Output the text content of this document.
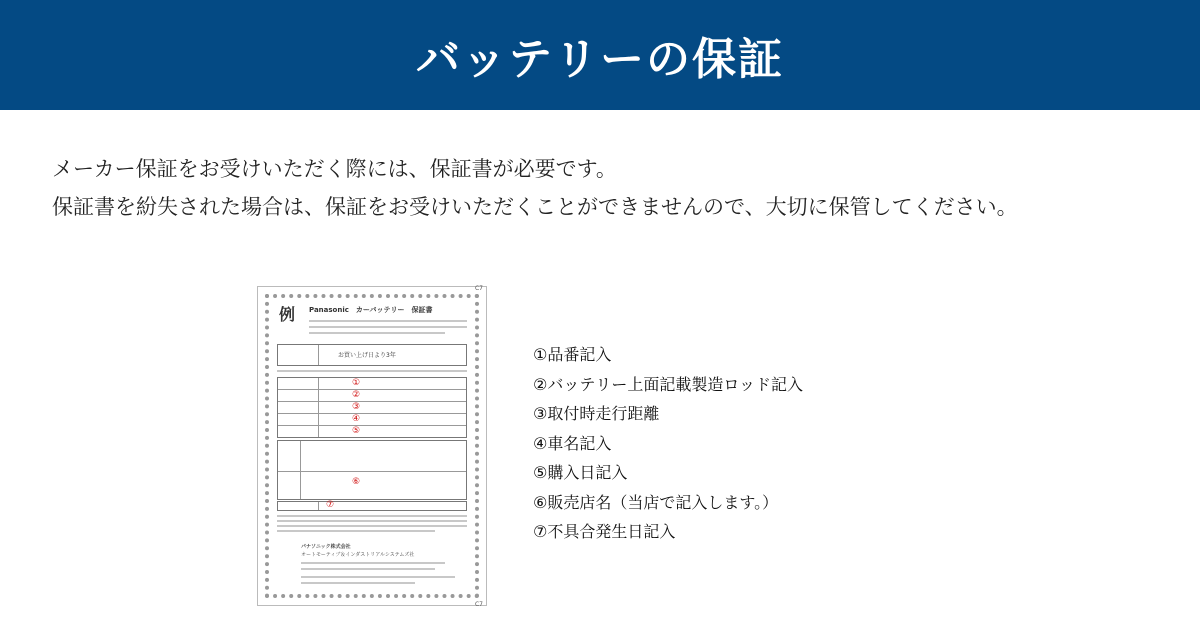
バッテリーの保証

メーカー保証をお受けいただく際には、保証書が必要です。

保証書を紛失された場合は、保証をお受けいただくことができませんので、大切に保管してください。

C7
例 Panasonic　カーバッテリー　保証書
お買い上げ日より3年
①
②
③
④
⑤
⑥
⑦
パナソニック株式会社
オートモーティブ＆インダストリアルシステムズ社
C7
①品番記入
②バッテリー上面記載製造ロッド記入
③取付時走行距離
④車名記入
⑤購入日記入
⑥販売店名（当店で記入します。）
⑦不具合発生日記入
